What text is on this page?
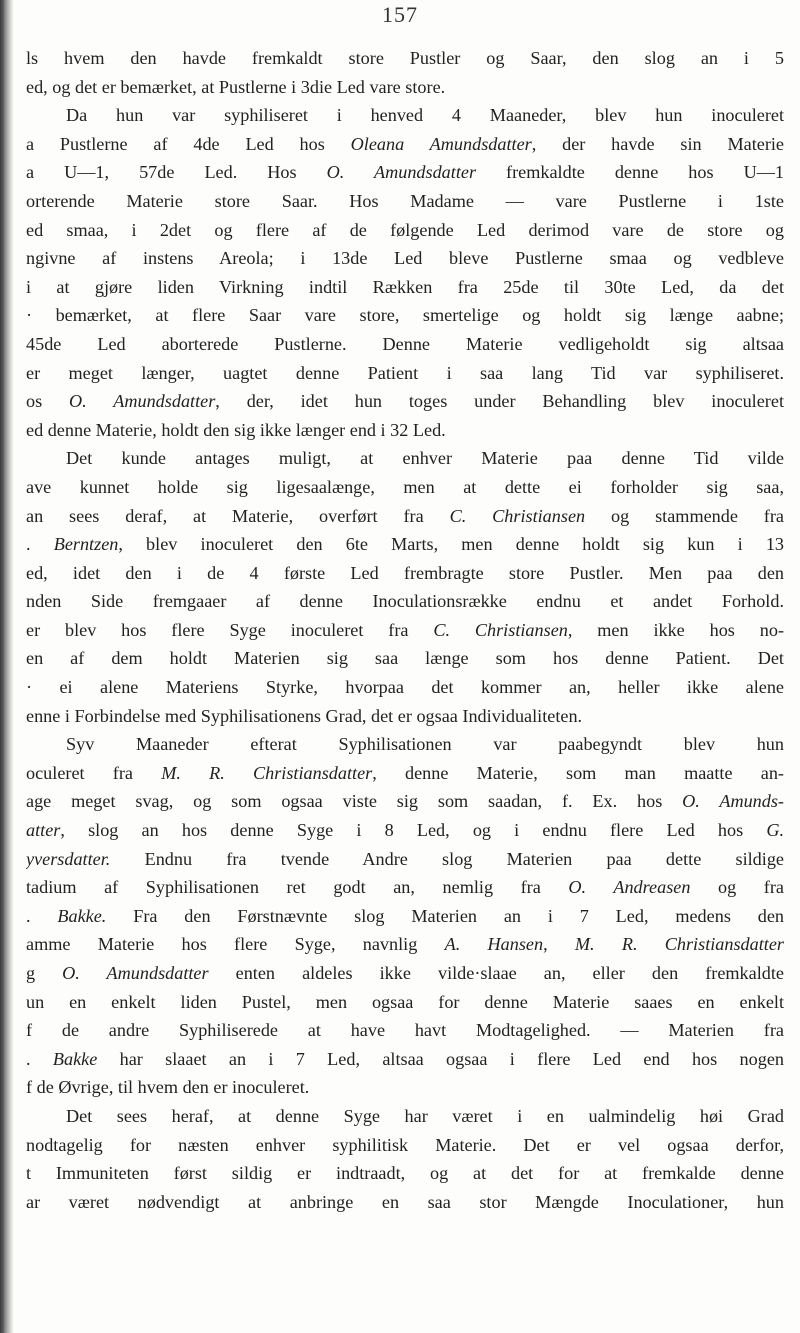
157
ls hvem den havde fremkaldt store Pustler og Saar, den slog an i 5
ed, og det er bemærket, at Pustlerne i 3die Led vare store.
Da hun var syphiliseret i henved 4 Maaneder, blev hun inoculeret
a Pustlerne af 4de Led hos Oleana Amundsdatter, der havde sin Materie
a U—1, 57de Led. Hos O. Amundsdatter fremkaldte denne hos U—1
orterende Materie store Saar. Hos Madame — vare Pustlerne i 1ste
ed smaa, i 2det og flere af de følgende Led derimod vare de store og
ngivne af instens Areola; i 13de Led bleve Pustlerne smaa og vedbleve
i at gjøre liden Virkning indtil Rækken fra 25de til 30te Led, da det
· bemærket, at flere Saar vare store, smertelige og holdt sig længe aabne;
45de Led aborterede Pustlerne. Denne Materie vedligeholdt sig altsaa
er meget længer, uagtet denne Patient i saa lang Tid var syphiliseret.
os O. Amundsdatter, der, idet hun toges under Behandling blev inoculeret
ed denne Materie, holdt den sig ikke længer end i 32 Led.
Det kunde antages muligt, at enhver Materie paa denne Tid vilde
ave kunnet holde sig ligesaalænge, men at dette ei forholder sig saa,
an sees deraf, at Materie, overført fra C. Christiansen og stammende fra
. Berntzen, blev inoculeret den 6te Marts, men denne holdt sig kun i 13
ed, idet den i de 4 første Led frembragte store Pustler. Men paa den
nden Side fremgaaer af denne Inoculationsrække endnu et andet Forhold.
er blev hos flere Syge inoculeret fra C. Christiansen, men ikke hos no-
en af dem holdt Materien sig saa længe som hos denne Patient. Det
· ei alene Materiens Styrke, hvorpaa det kommer an, heller ikke alene
enne i Forbindelse med Syphilisationens Grad, det er ogsaa Individualiteten.
Syv Maaneder efterat Syphilisationen var paabegyndt blev hun
oculeret fra M. R. Christiansdatter, denne Materie, som man maatte an-
age meget svag, og som ogsaa viste sig som saadan, f. Ex. hos O. Amunds-
atter, slog an hos denne Syge i 8 Led, og i endnu flere Led hos G.
yversdatter. Endnu fra tvende Andre slog Materien paa dette sildige
tadium af Syphilisationen ret godt an, nemlig fra O. Andreasen og fra
. Bakke. Fra den Førstnævnte slog Materien an i 7 Led, medens den
amme Materie hos flere Syge, navnlig A. Hansen, M. R. Christiansdatter
g O. Amundsdatter enten aldeles ikke vilde·slaae an, eller den fremkaldte
un en enkelt liden Pustel, men ogsaa for denne Materie saaes en enkelt
f de andre Syphiliserede at have havt Modtagelighed. — Materien fra
. Bakke har slaaet an i 7 Led, altsaa ogsaa i flere Led end hos nogen
f de Øvrige, til hvem den er inoculeret.
Det sees heraf, at denne Syge har været i en ualmindelig høi Grad
nodtagelig for næsten enhver syphilitisk Materie. Det er vel ogsaa derfor,
t Immuniteten først sildig er indtraadt, og at det for at fremkalde denne
ar været nødvendigt at anbringe en saa stor Mængde Inoculationer, hun
